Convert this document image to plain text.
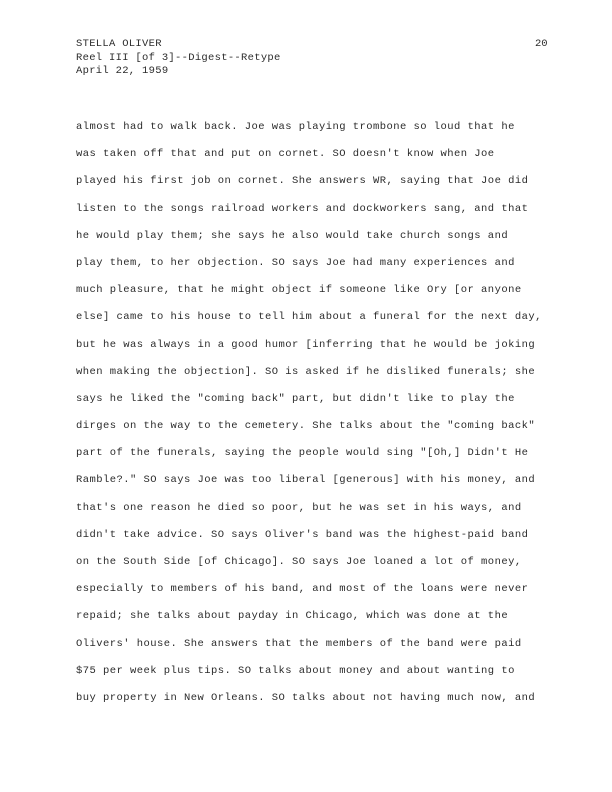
STELLA OLIVER
Reel III [of 3]--Digest--Retype
April 22, 1959
20
almost had to walk back. Joe was playing trombone so loud that he
was taken off that and put on cornet. SO doesn't know when Joe
played his first job on cornet. She answers WR, saying that Joe did
listen to the songs railroad workers and dockworkers sang, and that
he would play them; she says he also would take church songs and
play them, to her objection. SO says Joe had many experiences and
much pleasure, that he might object if someone like Ory [or anyone
else] came to his house to tell him about a funeral for the next day,
but he was always in a good humor [inferring that he would be joking
when making the objection]. SO is asked if he disliked funerals; she
says he liked the "coming back" part, but didn't like to play the
dirges on the way to the cemetery. She talks about the "coming back"
part of the funerals, saying the people would sing "[Oh,] Didn't He
Ramble?." SO says Joe was too liberal [generous] with his money, and
that's one reason he died so poor, but he was set in his ways, and
didn't take advice. SO says Oliver's band was the highest-paid band
on the South Side [of Chicago]. SO says Joe loaned a lot of money,
especially to members of his band, and most of the loans were never
repaid; she talks about payday in Chicago, which was done at the
Olivers' house. She answers that the members of the band were paid
$75 per week plus tips. SO talks about money and about wanting to
buy property in New Orleans. SO talks about not having much now, and
